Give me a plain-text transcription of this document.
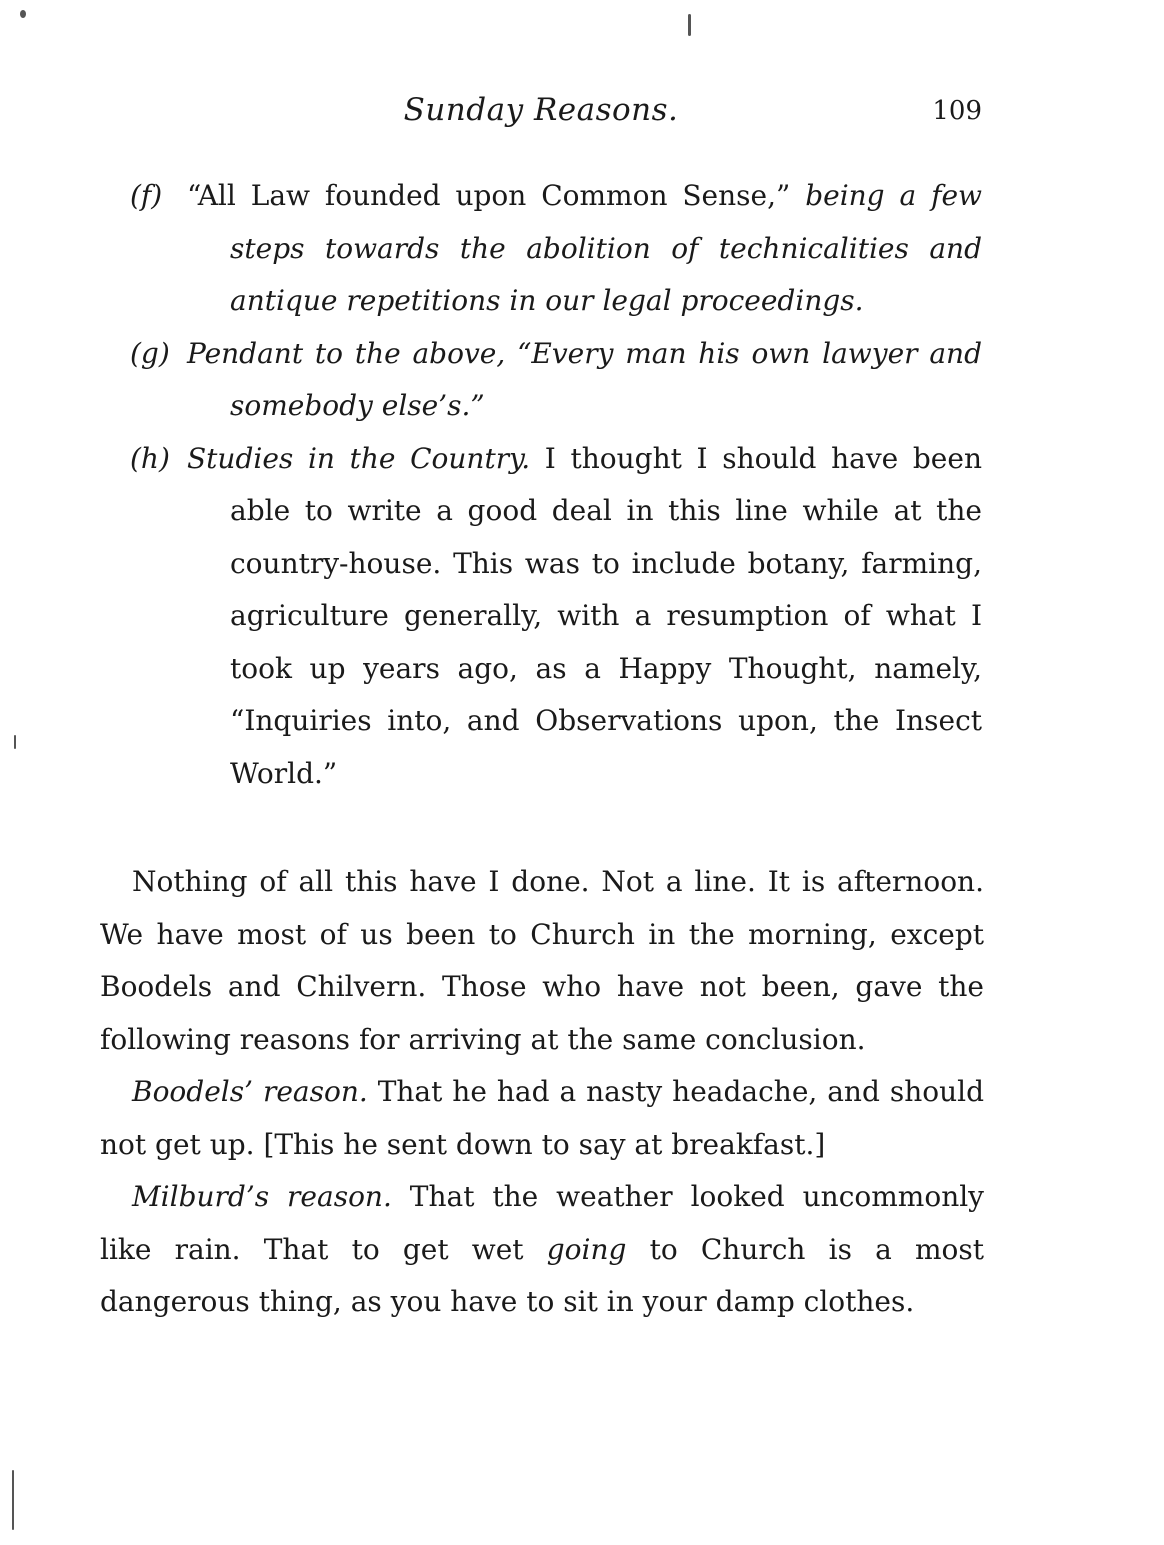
Sunday Reasons.	109
(f) “All Law founded upon Common Sense,” being a few steps towards the abolition of technicalities and antique repetitions in our legal proceedings.
(g) Pendant to the above, “Every man his own lawyer and somebody else’s.”
(h) Studies in the Country. I thought I should have been able to write a good deal in this line while at the country-house. This was to include botany, farming, agriculture generally, with a resumption of what I took up years ago, as a Happy Thought, namely, “Inquiries into, and Observations upon, the Insect World.”

Nothing of all this have I done. Not a line. It is afternoon. We have most of us been to Church in the morning, except Boodels and Chilvern. Those who have not been, gave the following reasons for arriving at the same conclusion.

Boodels’ reason. That he had a nasty headache, and should not get up. [This he sent down to say at breakfast.]

Milburd’s reason. That the weather looked uncommonly like rain. That to get wet going to Church is a most dangerous thing, as you have to sit in your damp clothes.
